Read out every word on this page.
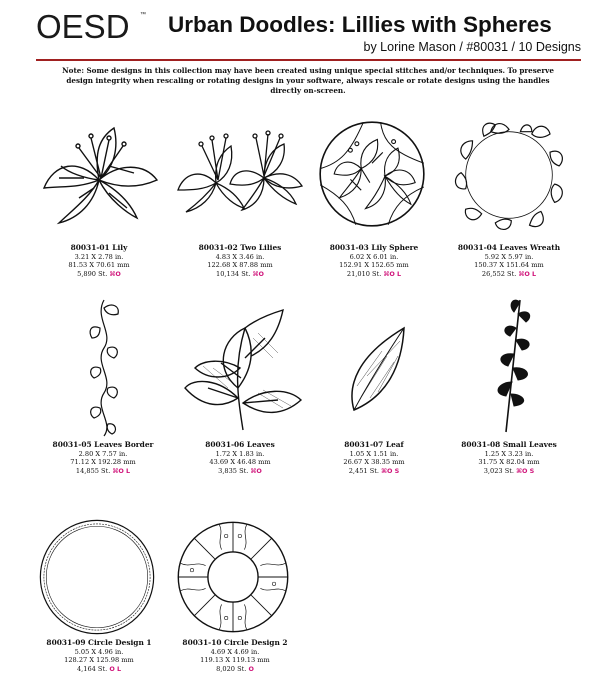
OESD ™ Urban Doodles: Lillies with Spheres
by Lorine Mason / #80031 / 10 Designs
Note: Some designs in this collection may have been created using unique special stitches and/or techniques. To preserve design integrity when rescaling or rotating designs in your software, always rescale or rotate designs using the handles directly on-screen.
80031-01 Lily
3.21 X 2.78 in.
81.53 X 70.61 mm
5,890 St. ⌘O
80031-02 Two Lilies
4.83 X 3.46 in.
122.68 X 87.88 mm
10,134 St. ⌘O
80031-03 Lily Sphere
6.02 X 6.01 in.
152.91 X 152.65 mm
21,010 St. ⌘O L
80031-04 Leaves Wreath
5.92 X 5.97 in.
150.37 X 151.64 mm
26,552 St. ⌘O L
80031-05 Leaves Border
2.80 X 7.57 in.
71.12 X 192.28 mm
14,855 St. ⌘O L
80031-06 Leaves
1.72 X 1.83 in.
43.69 X 46.48 mm
3,835 St. ⌘O
80031-07 Leaf
1.05 X 1.51 in.
26.67 X 38.35 mm
2,451 St. ⌘O S
80031-08 Small Leaves
1.25 X 3.23 in.
31.75 X 82.04 mm
3,023 St. ⌘O S
80031-09 Circle Design 1
5.05 X 4.96 in.
128.27 X 125.98 mm
4,164 St. O L
80031-10 Circle Design 2
4.69 X 4.69 in.
119.13 X 119.13 mm
8,020 St. O
